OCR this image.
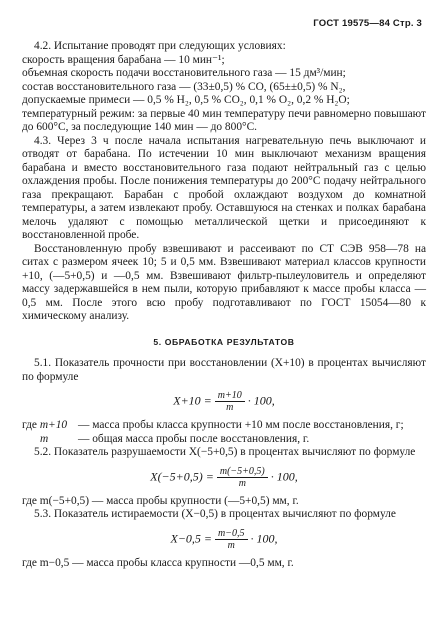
ГОСТ 19575—84 Стр. 3

4.2. Испытание проводят при следующих условиях:

скорость вращения барабана — 10 мин⁻¹;

объемная скорость подачи восстановительного газа — 15 дм³/мин;

состав восстановительного газа — (33±0,5) % CO, (65±±0,5) % N₂,

допускаемые примеси — 0,5 % H₂, 0,5 % CO₂, 0,1 % O₂, 0,2 % H₂O;

температурный режим: за первые 40 мин температуру печи равномерно повышают до 600°C, за последующие 140 мин — до 800°C.

4.3. Через 3 ч после начала испытания нагревательную печь выключают и отводят от барабана. По истечении 10 мин выключают механизм вращения барабана и вместо восстановительного газа подают нейтральный газ с целью охлаждения пробы. После понижения температуры до 200°C подачу нейтрального газа прекращают. Барабан с пробой охлаждают воздухом до комнатной температуры, а затем извлекают пробу. Оставшуюся на стенках и полках барабана мелочь удаляют с помощью металлической щетки и присоединяют к восстановленной пробе.

Восстановленную пробу взвешивают и рассеивают по СТ СЭВ 958—78 на ситах с размером ячеек 10; 5 и 0,5 мм. Взвешивают материал классов крупности +10, (—5+0,5) и —0,5 мм. Взвешивают фильтр-пылеуловитель и определяют массу задержавшейся в нем пыли, которую прибавляют к массе пробы класса —0,5 мм. После этого всю пробу подготавливают по ГОСТ 15054—80 к химическому анализу.

5. ОБРАБОТКА РЕЗУЛЬТАТОВ

5.1. Показатель прочности при восстановлении (X+10) в процентах вычисляют по формуле

$X+10 = \frac{m+10}{m} \cdot 100$,
где m+10 — масса пробы класса крупности +10 мм после восстановления, г;
m	— общая масса пробы после восстановления, г.

5.2. Показатель разрушаемости X(−5+0,5) в процентах вычисляют по формуле

$X(-5+0,5) = \frac{m(-5+0,5)}{m} \cdot 100$,

где m(−5+0,5) — масса пробы крупности (—5+0,5) мм, г.

5.3. Показатель истираемости (X−0,5) в процентах вычисляют по формуле

$X-0,5 = \frac{m-0,5}{m} \cdot 100$,

где m−0,5 — масса пробы класса крупности —0,5 мм, г.
